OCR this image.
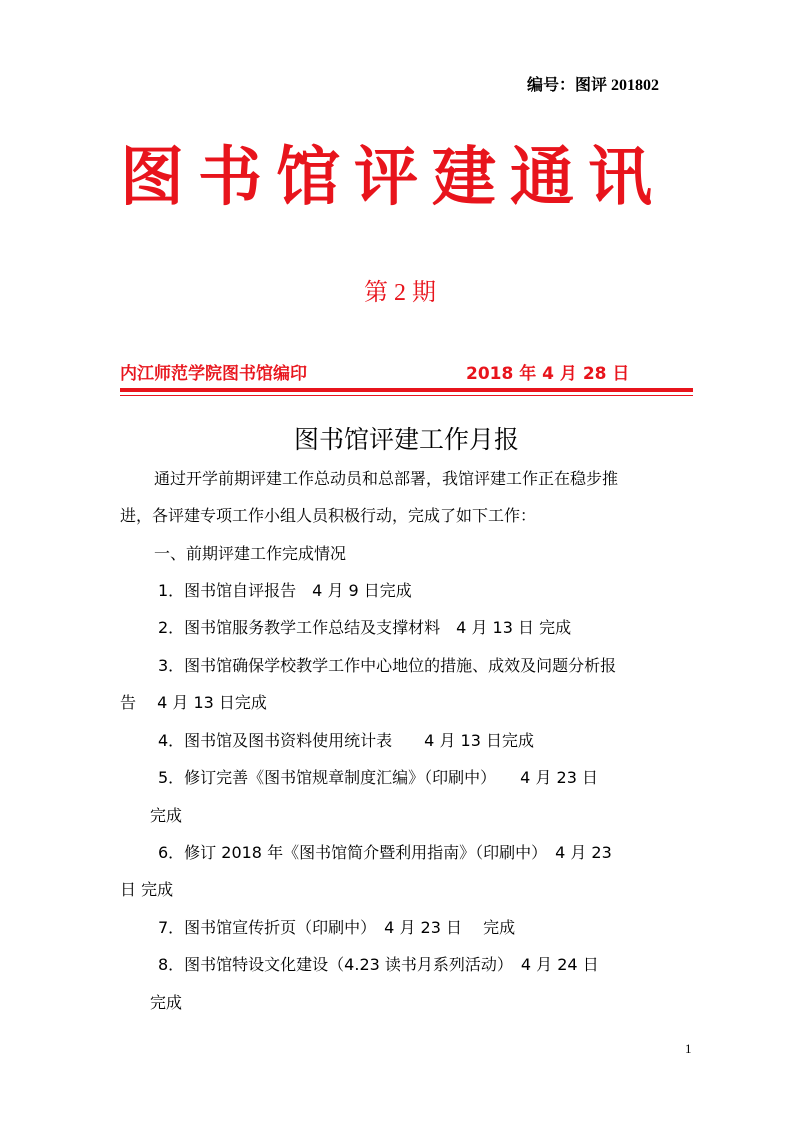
编号：图评 201802
图书馆评建通讯
第 2 期
内江师范学院图书馆编印	2018 年 4 月 28 日
图书馆评建工作月报
通过开学前期评建工作总动员和总部署，我馆评建工作正在稳步推
进，各评建专项工作小组人员积极行动，完成了如下工作：
一、前期评建工作完成情况
1．图书馆自评报告　4 月 9 日完成
2．图书馆服务教学工作总结及支撑材料　4 月 13 日 完成
3．图书馆确保学校教学工作中心地位的措施、成效及问题分析报
告　 4 月 13 日完成
4．图书馆及图书资料使用统计表　　4 月 13 日完成
5．修订完善《图书馆规章制度汇编》（印刷中）　　4 月 23 日
完成
6．修订 2018 年《图书馆简介暨利用指南》（印刷中）　4 月 23
日 完成
7．图书馆宣传折页（印刷中）　4 月 23 日　 完成
8．图书馆特设文化建设（4.23 读书月系列活动）　4 月 24 日
完成
1
